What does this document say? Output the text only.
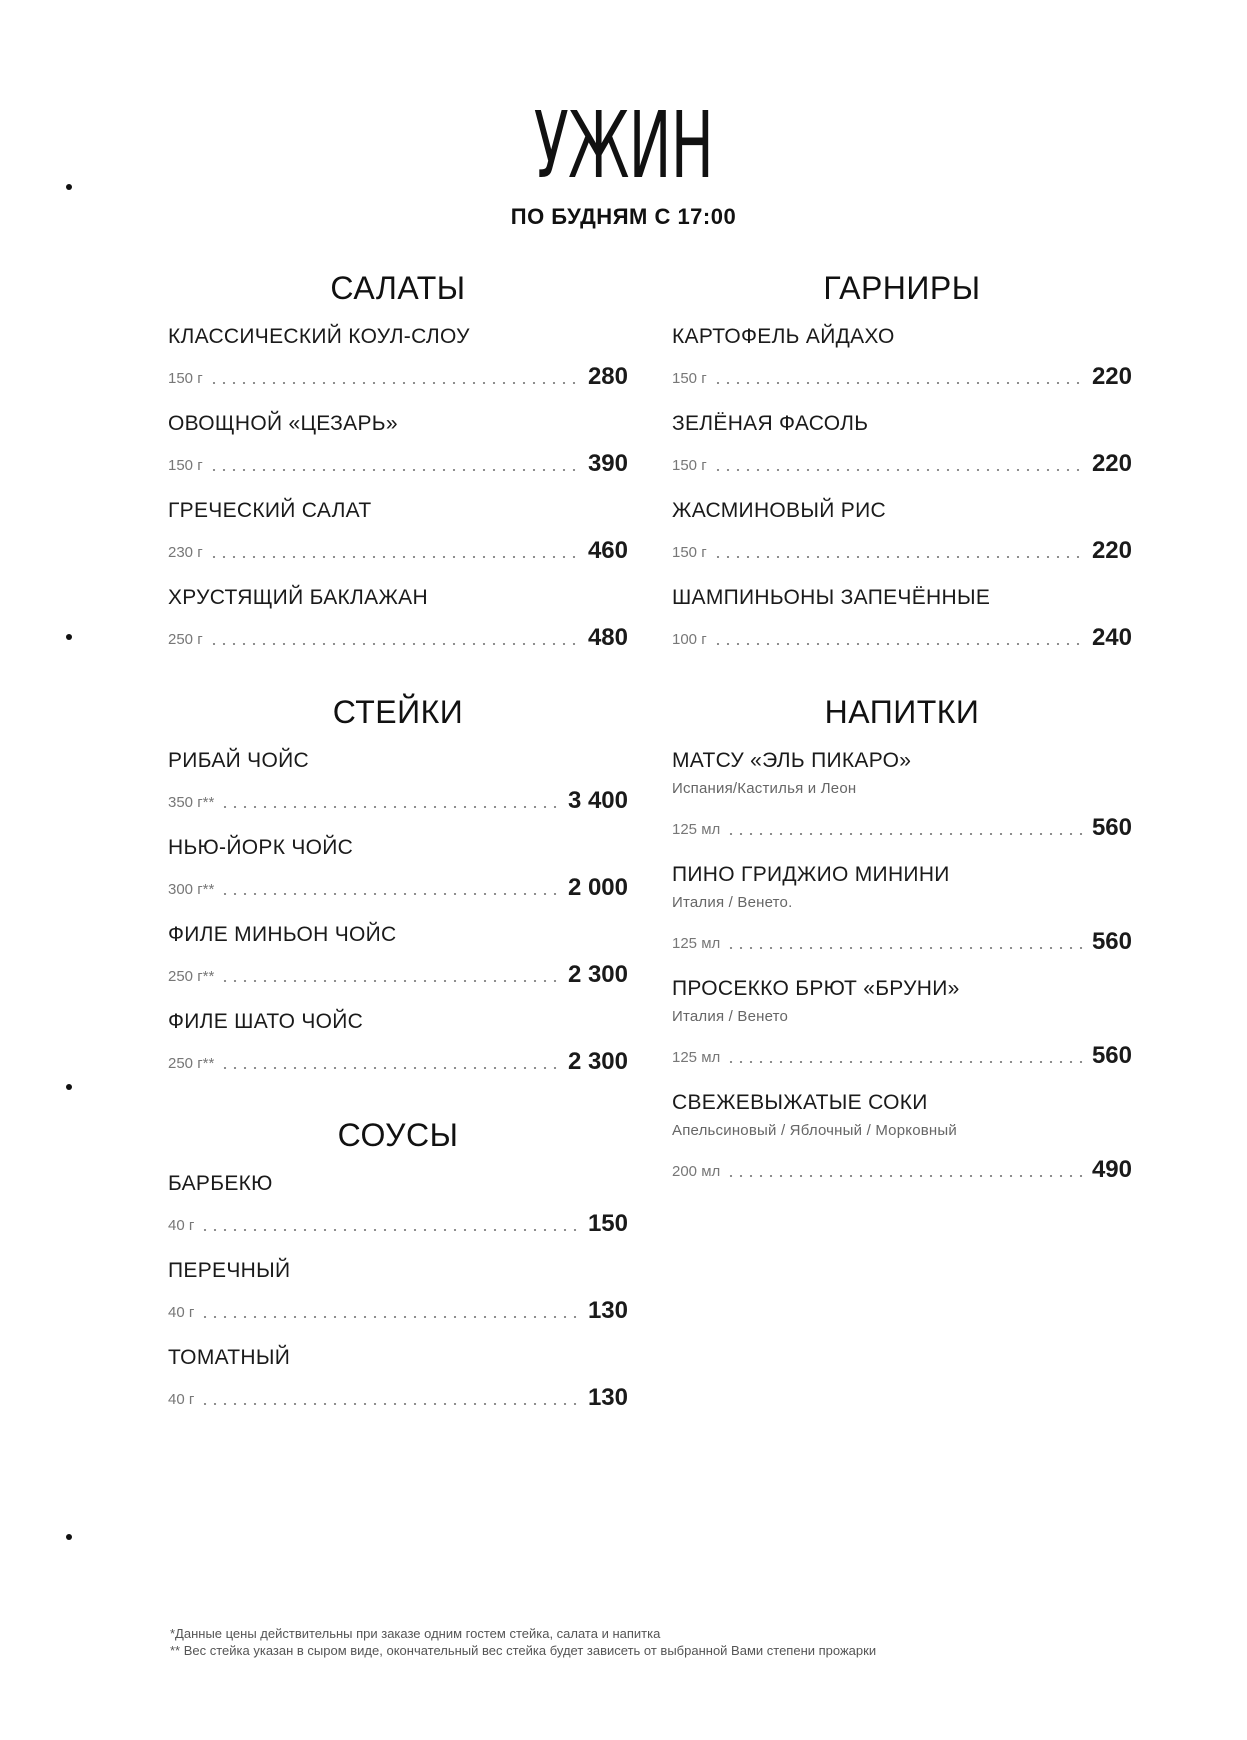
УЖИН
ПО БУДНЯМ С 17:00
САЛАТЫ
КЛАССИЧЕСКИЙ КОУЛ-СЛОУ
150 г	280
ОВОЩНОЙ «ЦЕЗАРЬ»
150 г	390
ГРЕЧЕСКИЙ САЛАТ
230 г	460
ХРУСТЯЩИЙ БАКЛАЖАН
250 г	480
ГАРНИРЫ
КАРТОФЕЛЬ АЙДАХО
150 г	220
ЗЕЛЁНАЯ ФАСОЛЬ
150 г	220
ЖАСМИНОВЫЙ РИС
150 г	220
ШАМПИНЬОНЫ ЗАПЕЧЁННЫЕ
100 г	240
СТЕЙКИ
РИБАЙ ЧОЙС
350 г**	3 400
НЬЮ-ЙОРК ЧОЙС
300 г**	2 000
ФИЛЕ МИНЬОН ЧОЙС
250 г**	2 300
ФИЛЕ ШАТО ЧОЙС
250 г**	2 300
НАПИТКИ
МАТСУ «ЭЛЬ ПИКАРО»
Испания/Кастилья и Леон
125 мл	560
ПИНО ГРИДЖИО МИНИНИ
Италия / Венето.
125 мл	560
ПРОСЕККО БРЮТ «БРУНИ»
Италия / Венето
125 мл	560
СВЕЖЕВЫЖАТЫЕ СОКИ
Апельсиновый / Яблочный / Морковный
200 мл	490
СОУСЫ
БАРБЕКЮ
40 г	150
ПЕРЕЧНЫЙ
40 г	130
ТОМАТНЫЙ
40 г	130
*Данные цены действительны при заказе одним гостем стейка, салата и напитка
** Вес стейка указан в сыром виде, окончательный вес стейка будет зависеть от выбранной Вами степени прожарки
